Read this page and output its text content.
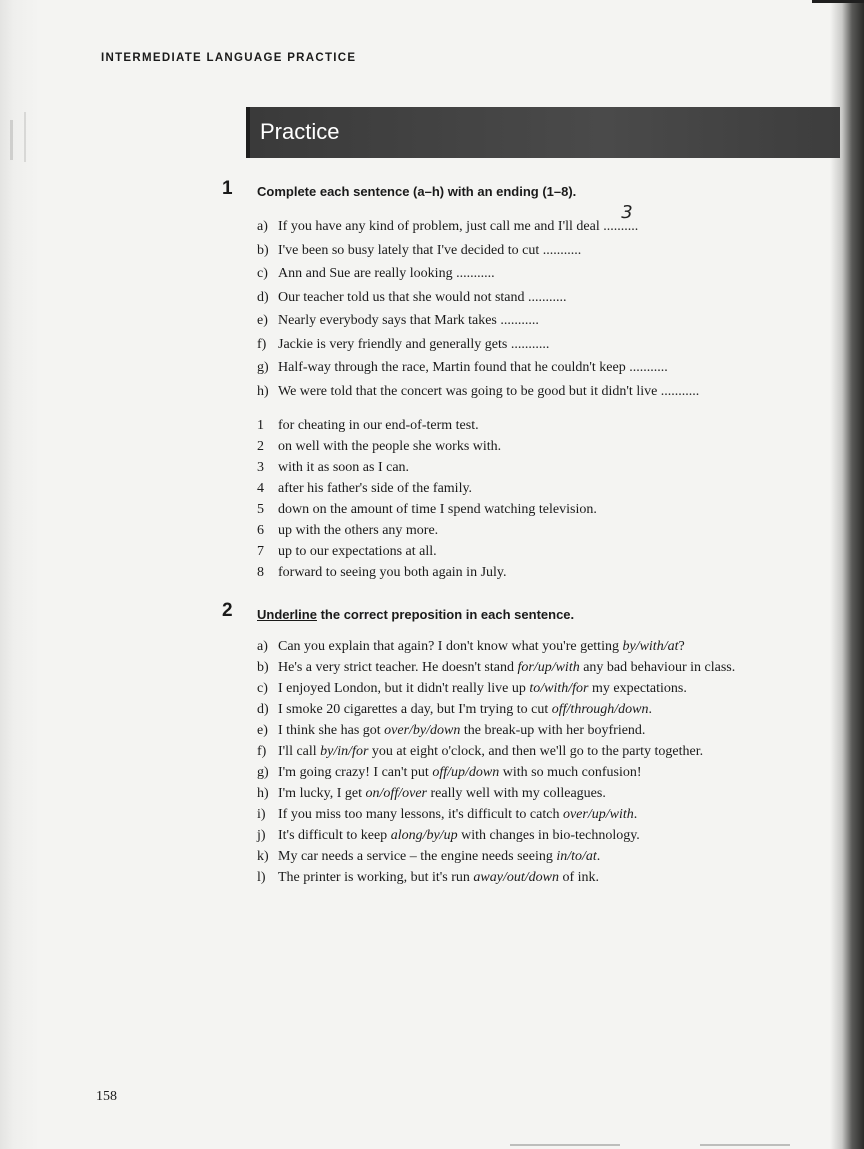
INTERMEDIATE LANGUAGE PRACTICE
Practice
1 Complete each sentence (a–h) with an ending (1–8).
a) If you have any kind of problem, just call me and I'll deal ..........
3
b) I've been so busy lately that I've decided to cut ...........
c) Ann and Sue are really looking ...........
d) Our teacher told us that she would not stand ...........
e) Nearly everybody says that Mark takes ...........
f) Jackie is very friendly and generally gets ...........
g) Half-way through the race, Martin found that he couldn't keep ...........
h) We were told that the concert was going to be good but it didn't live ...........
1 for cheating in our end-of-term test.
2 on well with the people she works with.
3 with it as soon as I can.
4 after his father's side of the family.
5 down on the amount of time I spend watching television.
6 up with the others any more.
7 up to our expectations at all.
8 forward to seeing you both again in July.
2 Underline the correct preposition in each sentence.
a) Can you explain that again? I don't know what you're getting by/with/at?
b) He's a very strict teacher. He doesn't stand for/up/with any bad behaviour in class.
c) I enjoyed London, but it didn't really live up to/with/for my expectations.
d) I smoke 20 cigarettes a day, but I'm trying to cut off/through/down.
e) I think she has got over/by/down the break-up with her boyfriend.
f) I'll call by/in/for you at eight o'clock, and then we'll go to the party together.
g) I'm going crazy! I can't put off/up/down with so much confusion!
h) I'm lucky, I get on/off/over really well with my colleagues.
i) If you miss too many lessons, it's difficult to catch over/up/with.
j) It's difficult to keep along/by/up with changes in bio-technology.
k) My car needs a service – the engine needs seeing in/to/at.
l) The printer is working, but it's run away/out/down of ink.
158
